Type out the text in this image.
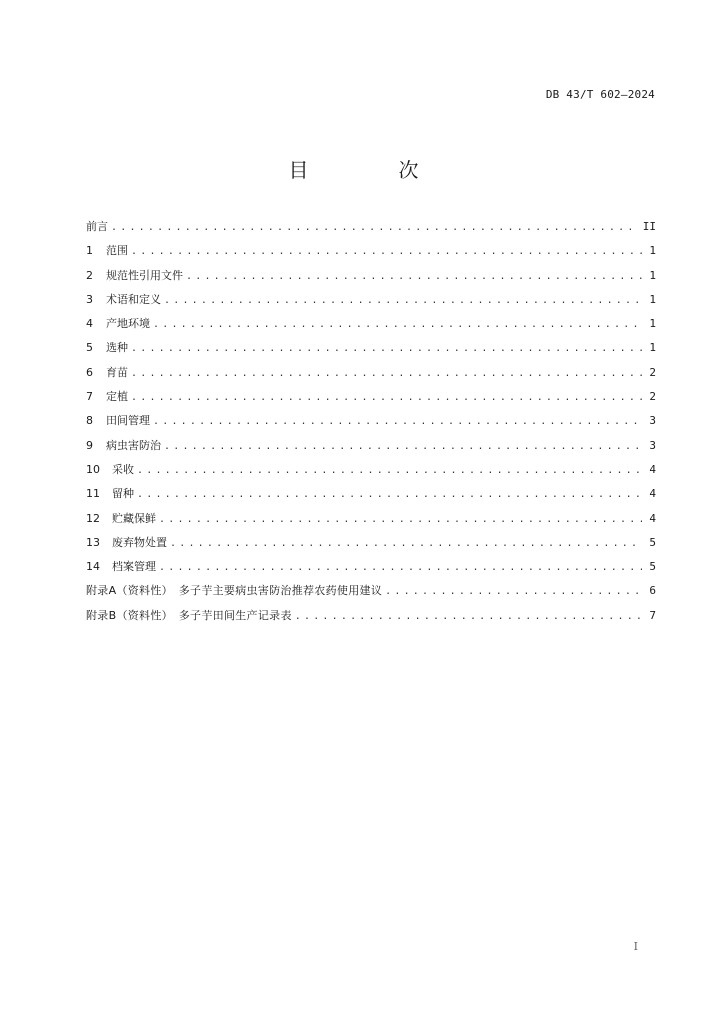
DB 43/T 602—2024
目　次
前言 .....	II
1	范围 .....	1
2	规范性引用文件 .....	1
3	术语和定义 .....	1
4	产地环境 .....	1
5	选种 .....	1
6	育苗 .....	2
7	定植 .....	2
8	田间管理 .....	3
9	病虫害防治 .....	3
10	采收 .....	4
11	留种 .....	4
12	贮藏保鲜 .....	4
13	废弃物处置 .....	5
14	档案管理 .....	5
附录A（资料性）　多子芋主要病虫害防治推荐农药使用建议 .....	6
附录B（资料性）　多子芋田间生产记录表 .....	7
I
